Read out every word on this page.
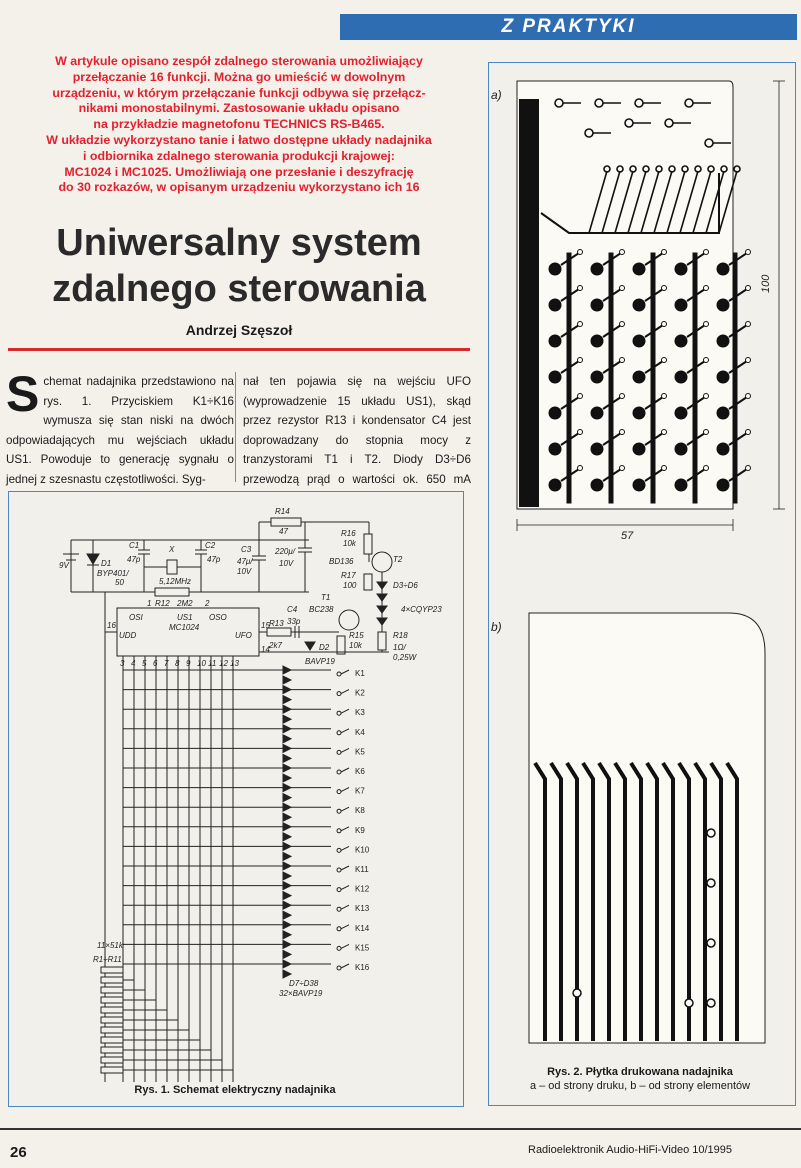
Z PRAKTYKI
W artykule opisano zespół zdalnego sterowania umożliwiający
przełączanie 16 funkcji. Można go umieścić w dowolnym
urządzeniu, w którym przełączanie funkcji odbywa się przełącz-
nikami monostabilnymi. Zastosowanie układu opisano
na przykładzie magnetofonu TECHNICS RS-B465.
W układzie wykorzystano tanie i łatwo dostępne układy nadajnika
i odbiornika zdalnego sterowania produkcji krajowej:
MC1024 i MC1025. Umożliwiają one przesłanie i deszyfrację
do 30 rozkazów, w opisanym urządzeniu wykorzystano ich 16
Uniwersalny system
zdalnego sterowania
Andrzej Szęszoł
Schemat nadajnika przedstawiono na rys. 1. Przyciskiem K1÷K16 wymusza się stan niski na dwóch odpowiadających mu wejściach układu US1. Powoduje to generację sygnału o jednej z szesnastu częstotliwości. Syg-
nał ten pojawia się na wejściu UFO (wyprowadzenie 15 układu US1), skąd przez rezystor R13 i kondensator C4 jest doprowadzany do stopnia mocy z tranzystorami T1 i T2. Diody D3÷D6 przewodzą prąd o wartości ok. 650 mA
9V	D1
BYP401/
50
C1
47p
X
5,12MHz
C2
47p
R12 2M2
C3
47μ/
10V
R14
47
220μ/
10V
R16
10k
T2
BD136
R17
100
C4
33p
T1
BC238
R13
2k7	D2
R15
10k
D3÷D6
4×CQYP23
R18
1Ω/
0,25W
BAVP19
OSI	OSO
US1
MC1024
UDD	UFO
16
1	2
15
14
11×51k
R1÷R11
D7÷D38
32×BAVP19
3 4 5 6 7 8 9 10 11 12 13
K1
K2
K3
K4
K5
K6
K7
K8
K9
K10
K11
K12
K13
K14
K15
K16
Rys. 1. Schemat elektryczny nadajnika
a)
b)
100
57
Rys. 2. Płytka drukowana nadajnika
a – od strony druku, b – od strony elementów
26	Radioelektronik Audio-HiFi-Video 10/1995
